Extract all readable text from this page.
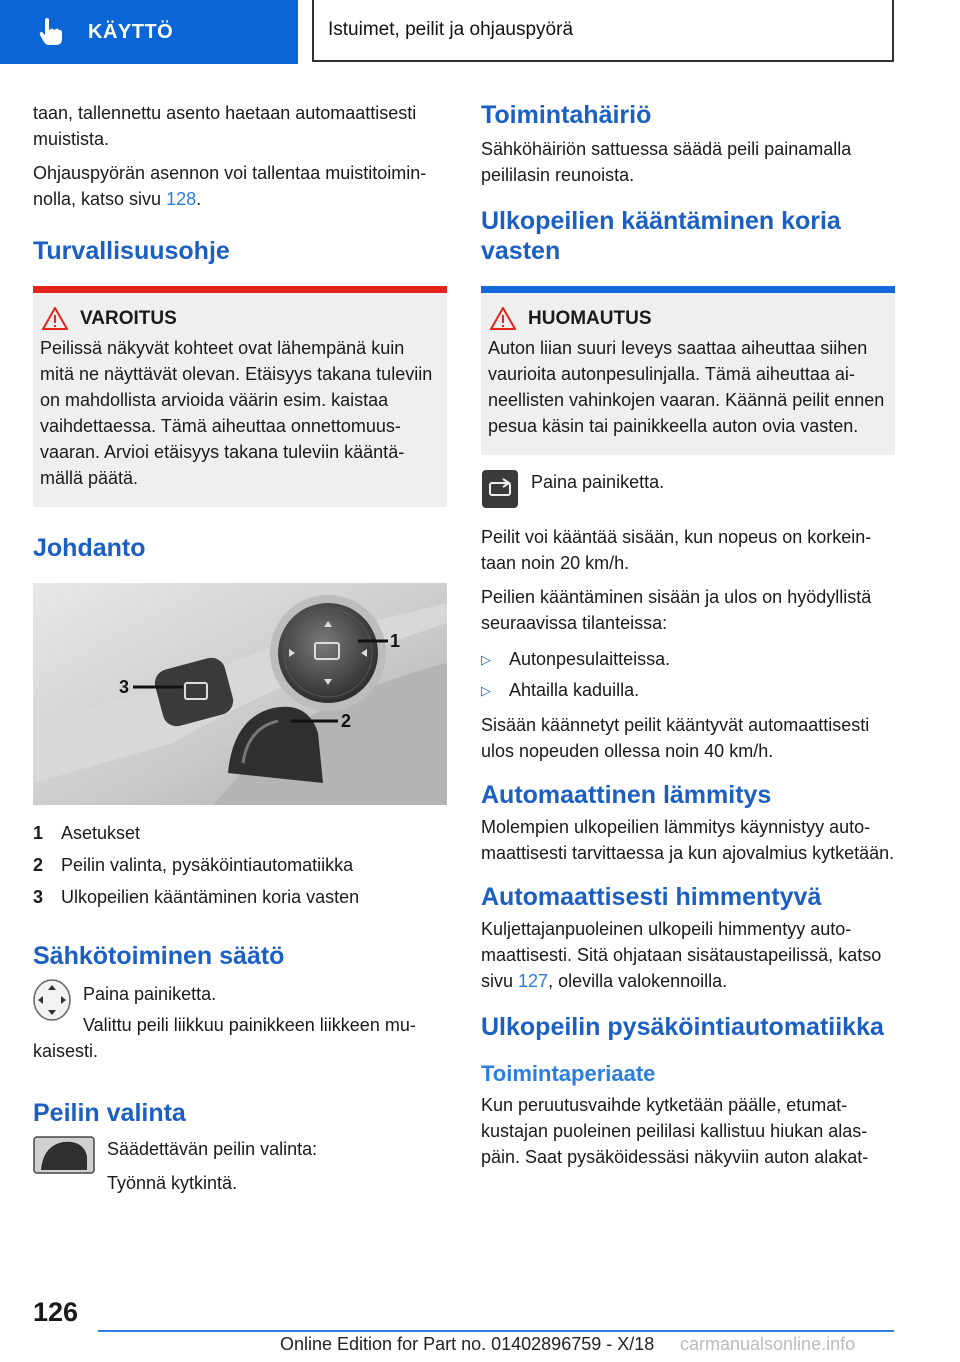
KÄYTTÖ	Istuimet, peilit ja ohjauspyörä

taan, tallennettu asento haetaan automaattisesti muistista.

Ohjauspyörän asennon voi tallentaa muistitoiminnolla, katso sivu 128.

Turvallisuusohje
VAROITUS

Peilissä näkyvät kohteet ovat lähempänä kuin mitä ne näyttävät olevan. Etäisyys takana tuleviin on mahdollista arvioida väärin esim. kaistaa vaihdettaessa. Tämä aiheuttaa onnettomuusvaaran. Arvioi etäisyys takana tuleviin kääntämällä päätä.

Johdanto
1
2
3
1 Asetukset
2 Peilin valinta, pysäköintiautomatiikka
3 Ulkopeilien kääntäminen koria vasten
Sähkötoiminen säätö

Paina painiketta.

Valittu peili liikkuu painikkeen liikkeen mukaisesti.

Peilin valinta

Säädettävän peilin valinta:

Työnnä kytkintä.

Toimintahäiriö

Sähköhäiriön sattuessa säädä peili painamalla peililasin reunoista.

Ulkopeilien kääntäminen koria vasten
HUOMAUTUS

Auton liian suuri leveys saattaa aiheuttaa siihen vaurioita autonpesulinjalla. Tämä aiheuttaa aineellisten vahinkojen vaaran. Käännä peilit ennen pesua käsin tai painikkeella auton ovia vasten.

Paina painiketta.

Peilit voi kääntää sisään, kun nopeus on korkeintaan noin 20 km/h.

Peilien kääntäminen sisään ja ulos on hyödyllistä seuraavissa tilanteissa:

▷	Autonpesulaitteissa.
▷	Ahtailla kaduilla.

Sisään käännetyt peilit kääntyvät automaattisesti ulos nopeuden ollessa noin 40 km/h.

Automaattinen lämmitys

Molempien ulkopeilien lämmitys käynnistyy automaattisesti tarvittaessa ja kun ajovalmius kytketään.

Automaattisesti himmentyvä

Kuljettajanpuoleinen ulkopeili himmentyy automaattisesti. Sitä ohjataan sisätaustapeilissä, katso sivu 127, olevilla valokennoilla.

Ulkopeilin pysäköintiautomatiikka
Toimintaperiaate

Kun peruutusvaihde kytketään päälle, etumatkustajan puoleinen peililasi kallistuu hiukan alaspäin. Saat pysäköidessäsi näkyviin auton alakat-

126
Online Edition for Part no. 01402896759 - X/18 carmanualsonline.info
